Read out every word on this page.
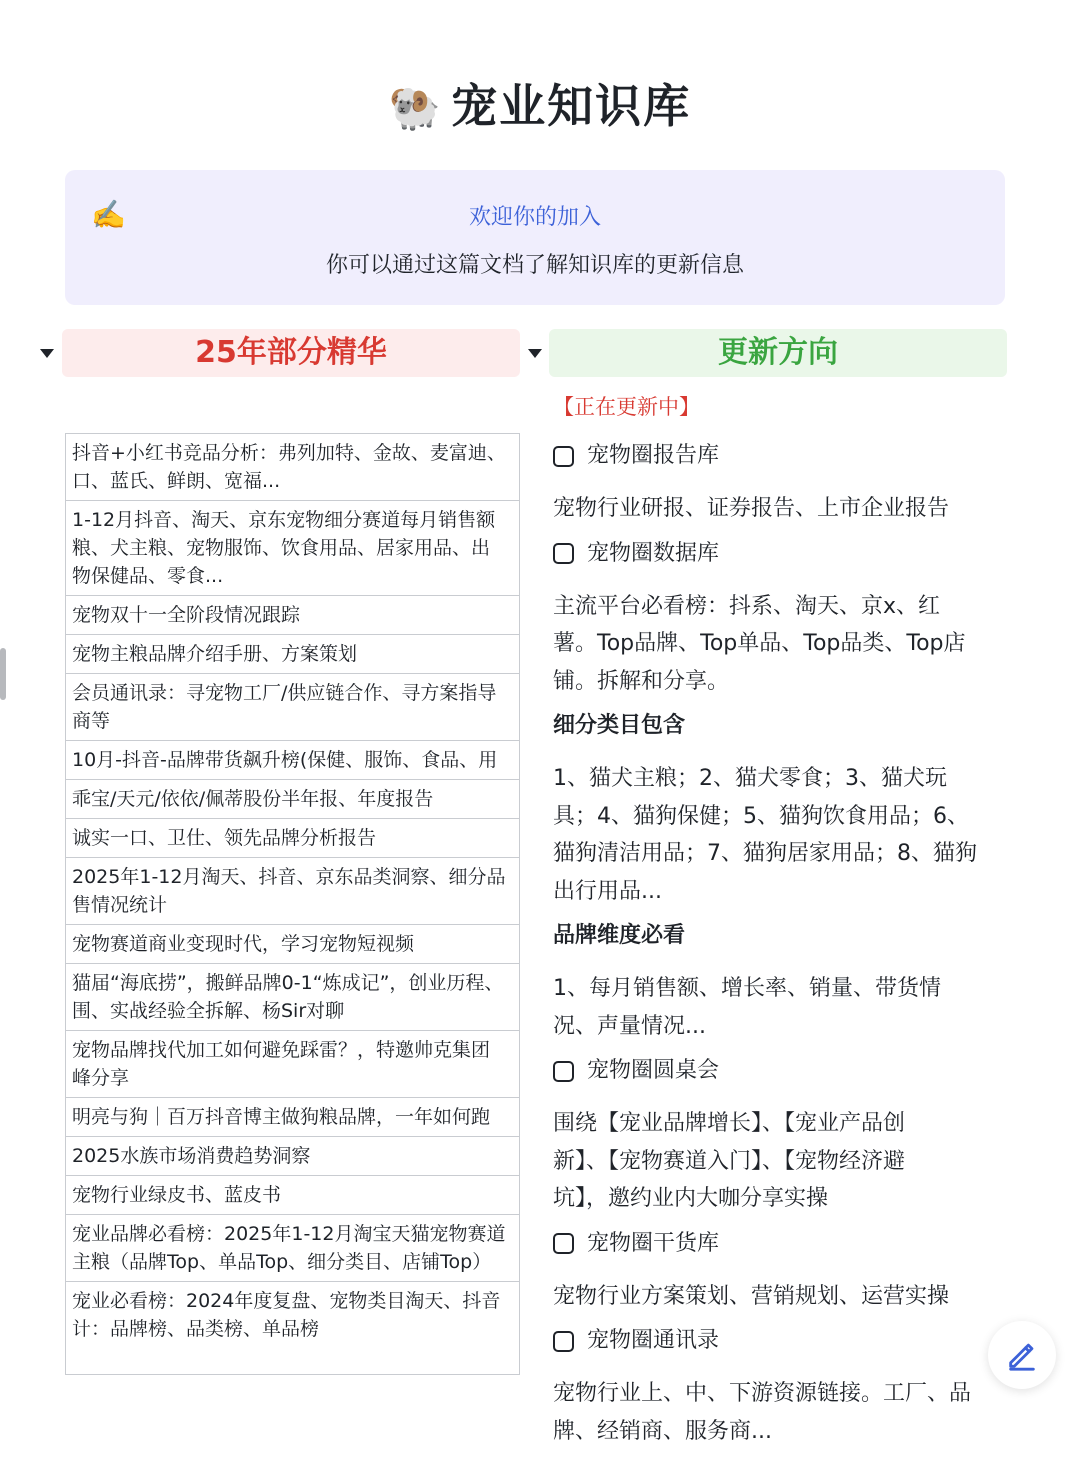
🐏 宠业知识库
✍️	欢迎你的加入
你可以通过这篇文档了解知识库的更新信息
25年部分精华	更新方向
抖音+小红书竞品分析：弗列加特、金故、麦富迪、
口、蓝氏、鲜朗、宽福...
1-12月抖音、淘天、京东宠物细分赛道每月销售额
粮、犬主粮、宠物服饰、饮食用品、居家用品、出
物保健品、零食...
宠物双十一全阶段情况跟踪
宠物主粮品牌介绍手册、方案策划
会员通讯录：寻宠物工厂/供应链合作、寻方案指导
商等
10月-抖音-品牌带货飙升榜(保健、服饰、食品、用
乖宝/天元/依依/佩蒂股份半年报、年度报告
诚实一口、卫仕、领先品牌分析报告
2025年1-12月淘天、抖音、京东品类洞察、细分品
售情况统计
宠物赛道商业变现时代，学习宠物短视频
猫届“海底捞”，搬鲜品牌0-1“炼成记”，创业历程、
围、实战经验全拆解、杨Sir对聊
宠物品牌找代加工如何避免踩雷？，特邀帅克集团
峰分享
明亮与狗｜百万抖音博主做狗粮品牌，一年如何跑
2025水族市场消费趋势洞察
宠物行业绿皮书、蓝皮书
宠业品牌必看榜：2025年1-12月淘宝天猫宠物赛道
主粮（品牌Top、单品Top、细分类目、店铺Top）
宠业必看榜：2024年度复盘、宠物类目淘天、抖音
计：品牌榜、品类榜、单品榜
【正在更新中】
宠物圈报告库
宠物行业研报、证券报告、上市企业报告
宠物圈数据库
主流平台必看榜：抖系、淘天、京x、红
薯。Top品牌、Top单品、Top品类、Top店
铺。拆解和分享。
细分类目包含
1、猫犬主粮；2、猫犬零食；3、猫犬玩
具；4、猫狗保健；5、猫狗饮食用品；6、
猫狗清洁用品；7、猫狗居家用品；8、猫狗
出行用品...
品牌维度必看
1、每月销售额、增长率、销量、带货情
况、声量情况...
宠物圈圆桌会
围绕【宠业品牌增长】、【宠业产品创
新】、【宠物赛道入门】、【宠物经济避
坑】，邀约业内大咖分享实操
宠物圈干货库
宠物行业方案策划、营销规划、运营实操
宠物圈通讯录
宠物行业上、中、下游资源链接。工厂、品
牌、经销商、服务商...
